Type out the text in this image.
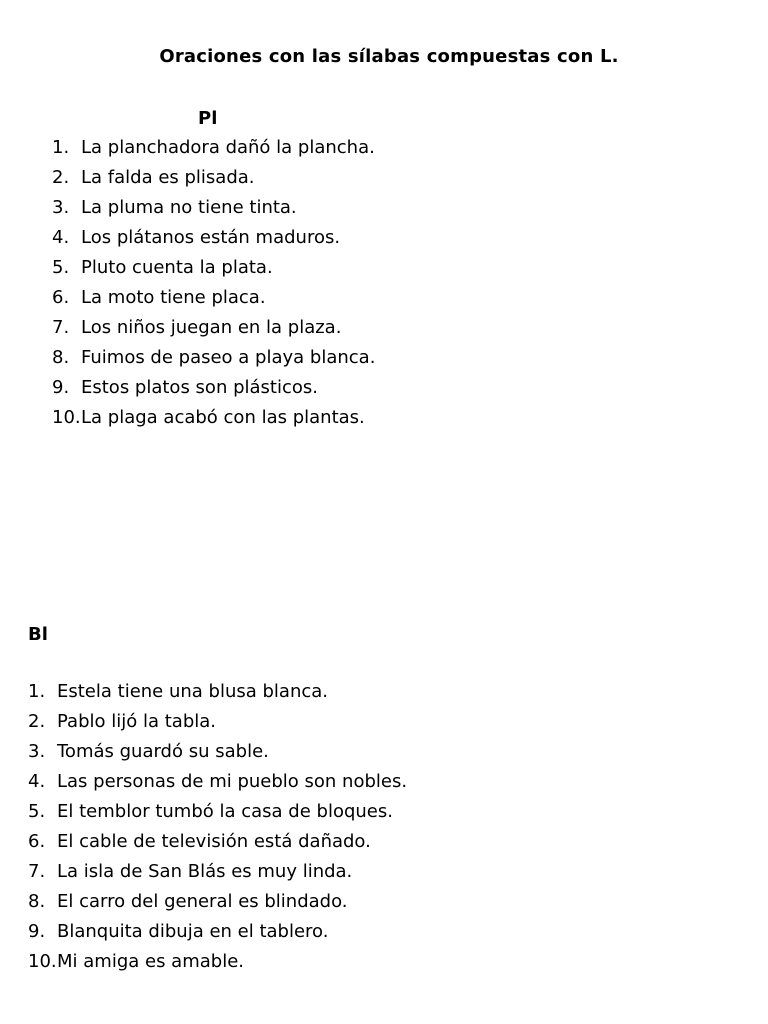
Oraciones con las sílabas compuestas con L.
Pl
1. La planchadora dañó la plancha.
2. La falda es plisada.
3. La pluma no tiene tinta.
4. Los plátanos están maduros.
5. Pluto cuenta la plata.
6. La moto tiene placa.
7. Los niños juegan en la plaza.
8. Fuimos de paseo a playa blanca.
9. Estos platos son plásticos.
10. La plaga acabó con las plantas.
Bl
1. Estela tiene una blusa blanca.
2. Pablo lijó la tabla.
3. Tomás guardó su sable.
4. Las personas de mi pueblo son nobles.
5. El temblor tumbó la casa de bloques.
6. El cable de televisión está dañado.
7. La isla de San Blás es muy linda.
8. El carro del general es blindado.
9. Blanquita dibuja en el tablero.
10. Mi amiga es amable.
